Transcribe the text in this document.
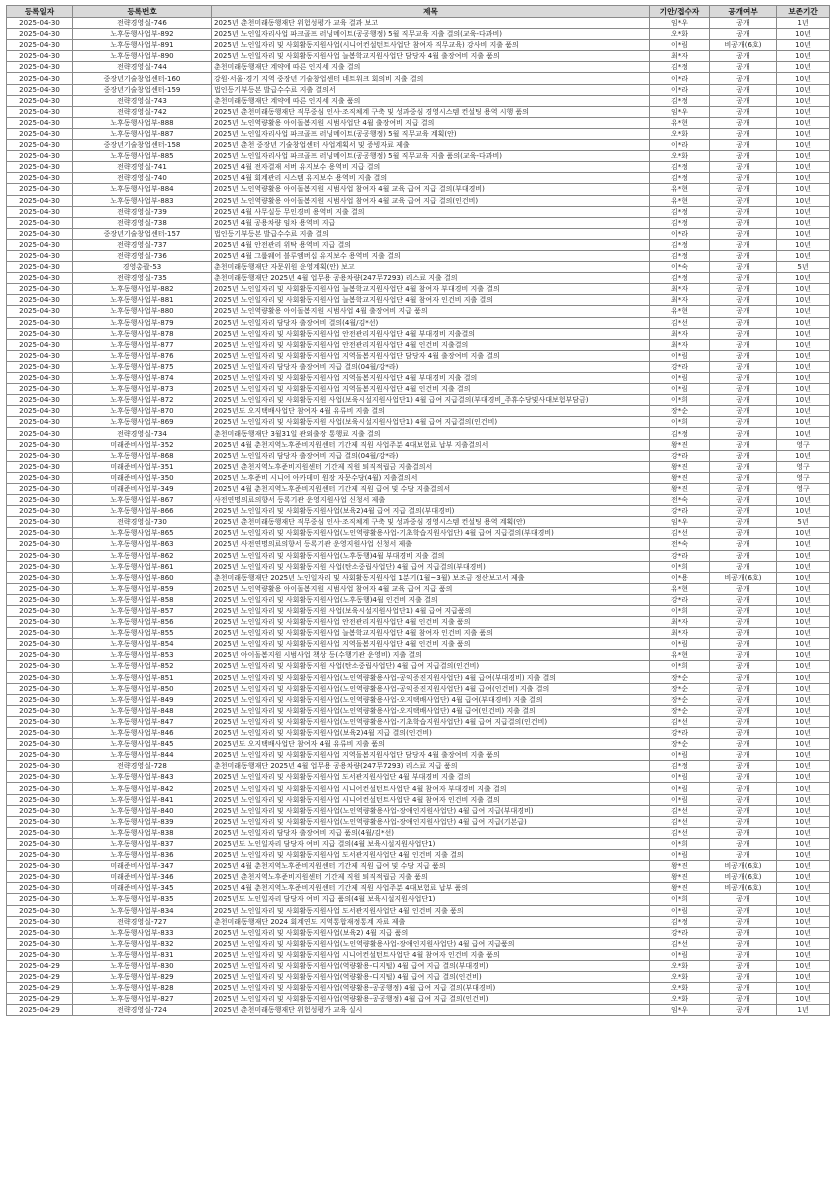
등록일자	등록번호	제목	기안/접수자	공개여부	보존기간
2025-04-30	전략경영실-746	2025년 춘천미래동행재단 위험성평가 교육 결과 보고	임*우	공개	1년
2025-04-30	노후동행사업부-892	2025년 노인일자리사업 파크골프 러닝메이트(공공행정) 5월 직무교육 지출 결의(교육-다과비)	오*화	공개	10년
2025-04-30	노후동행사업부-891	2025년 노인일자리 및 사회활동지원사업(시니어컨설턴트사업단 참여자 직무교육) 강사비 지출 품의	이*림	비공개(6호)	10년
2025-04-30	노후동행사업부-890	2025년 노인일자리 및 사회활동지원사업 늘봄학교지원사업단 담당자 4월 출장여비 지출 품의	최*자	공개	10년
2025-04-30	전략경영실-744	춘천미래동행재단 계약에 따른 인지세 지출 결의	김*정	공개	10년
2025-04-30	중장년기술창업센터-160	강원·서울·경기 지역 중장년 기술창업센터 네트워크 회의비 지출 결의	이*라	공개	10년
2025-04-30	중장년기술창업센터-159	법인등기부등본 발급수수료 지출 결의서	이*라	공개	10년
2025-04-30	전략경영실-743	춘천미래동행재단 계약에 따른 인지세 지출 품의	김*정	공개	10년
2025-04-30	전략경영실-742	2025년 춘천미래동행재단 직무중심 인사·조직체계 구축 및 성과중심 경영시스템 컨설팅 용역 시행 품의	임*우	공개	10년
2025-04-30	노후동행사업부-888	2025년 노인역량활용 아이돌봄지원 시범사업단 4월 출장여비 지급 결의	유*현	공개	10년
2025-04-30	노후동행사업부-887	2025년 노인일자리사업 파크골프 러닝메이트(공공행정) 5월 직무교육 계획(안)	오*화	공개	10년
2025-04-30	중장년기술창업센터-158	2025년 춘천 중장년 기술창업센터 사업계획서 및 증빙자료 제출	이*라	공개	10년
2025-04-30	노후동행사업부-885	2025년 노인일자리사업 파크골프 러닝메이트(공공행정) 5월 직무교육 지출 품의(교육-다과비)	오*화	공개	10년
2025-04-30	전략경영실-741	2025년 4월 전자결재 서버 유지보수 용역비 지급 결의	김*정	공개	10년
2025-04-30	전략경영실-740	2025년 4월 회계관리 시스템 유지보수 용역비 지출 결의	김*정	공개	10년
2025-04-30	노후동행사업부-884	2025년 노인역량활용 아이돌봄지원 시범사업 참여자 4월 교육 급여 지급 결의(부대경비)	유*현	공개	10년
2025-04-30	노후동행사업부-883	2025년 노인역량활용 아이돌봄지원 시범사업 참여자 4월 교육 급여 지급 결의(인건비)	유*현	공개	10년
2025-04-30	전략경영실-739	2025년 4월 사무실등 무인경비 용역비 지출 결의	김*정	공개	10년
2025-04-30	전략경영실-738	2025년 4월 공용차량 임차 용역비 지급	김*정	공개	10년
2025-04-30	중장년기술창업센터-157	법인등기부등본 발급수수료 지출 결의	이*라	공개	10년
2025-04-30	전략경영실-737	2025년 4월 안전관리 위탁 용역비 지급 결의	김*정	공개	10년
2025-04-30	전략경영실-736	2025년 4월 그룹웨어 블루엠버십 유지보수 용역비 지출 결의	김*정	공개	10년
2025-04-30	경영총괄-53	춘천미래동행재단 자문위원 운영계획(안) 보고	이*숙	공개	5년
2025-04-30	전략경영실-735	춘천미래동행재단 2025년 4월 업무용 공용차량(247무7293) 리스료 지출 결의	김*정	공개	10년
2025-04-30	노후동행사업부-882	2025년 노인일자리 및 사회활동지원사업 늘봄학교지원사업단 4월 참여자 부대경비 지출 결의	최*자	공개	10년
2025-04-30	노후동행사업부-881	2025년 노인일자리 및 사회활동지원사업 늘봄학교지원사업단 4월 참여자 인건비 지출 결의	최*자	공개	10년
2025-04-30	노후동행사업부-880	2025년 노인역량활용 아이돌봄지원 시범사업 4월 출장여비 지급 품의	유*현	공개	10년
2025-04-30	노후동행사업부-879	2025년 노인일자리 담당자 출장여비 결의(4월/김*선)	김*선	공개	10년
2025-04-30	노후동행사업부-878	2025년 노인일자리 및 사회활동지원사업 안전관리지원사업단 4월 부대경비 지출결의	최*자	공개	10년
2025-04-30	노후동행사업부-877	2025년 노인일자리 및 사회활동지원사업 안전관리지원사업단 4월 인건비 지출결의	최*자	공개	10년
2025-04-30	노후동행사업부-876	2025년 노인일자리 및 사회활동지원사업 지역돌봄지원사업단 담당자 4월 출장여비 지출 결의	이*림	공개	10년
2025-04-30	노후동행사업부-875	2025년 노인일자리 담당자 출장여비 지급 결의(04월/강*라)	강*라	공개	10년
2025-04-30	노후동행사업부-874	2025년 노인일자리 및 사회활동지원사업 지역돌봄지원사업단 4월 부대경비 지출 결의	이*림	공개	10년
2025-04-30	노후동행사업부-873	2025년 노인일자리 및 사회활동지원사업 지역돌봄지원사업단 4월 인건비 지출 결의	이*림	공개	10년
2025-04-30	노후동행사업부-872	2025년 노인일자리 및 사회활동지원 사업(보육시설지원사업단1) 4월 급여 지급결의(부대경비_주휴수당및사대보험부담금)	이*희	공개	10년
2025-04-30	노후동행사업부-870	2025년도 오지택배사업단 참여자 4월 유류비 지출 결의	장*순	공개	10년
2025-04-30	노후동행사업부-869	2025년 노인일자리 및 사회활동지원 사업(보육시설지원사업단1) 4월 급여 지급결의(인건비)	이*희	공개	10년
2025-04-30	전략경영실-734	춘천미래동행재단 3월31일 관외출장 통행료 지출 결의	김*정	공개	10년
2025-04-30	미래준비사업부-352	2025년 4월 춘천지역노후준비지원센터 기간제 직원 사업주분 4대보험료 납부 지출결의서	왕*진	공개	영구
2025-04-30	노후동행사업부-868	2025년 노인일자리 담당자 출장여비 지급 결의(04월/강*라)	강*라	공개	10년
2025-04-30	미래준비사업부-351	2025년 춘천지역노후준비지원센터 기간제 직원 퇴직적립금 지출결의서	왕*진	공개	영구
2025-04-30	미래준비사업부-350	2025년 노후준비 시니어 아카데미 원장 자문수당(4월) 지출결의서	왕*진	공개	영구
2025-04-30	미래준비사업부-349	2025년 4월 춘천지역노후준비지원센터 기간제 직원 급여 및 수당 지출결의서	왕*진	공개	영구
2025-04-30	노후동행사업부-867	사전연명의료의향서 등록기관 운영지원사업 신청서 제출	전*숙	공개	10년
2025-04-30	노후동행사업부-866	2025년 노인일자리 및 사회활동지원사업(보육2)4월 급여 지급 결의(부대경비)	강*라	공개	10년
2025-04-30	전략경영실-730	2025년 춘천미래동행재단 직무중심 인사·조직체계 구축 및 성과중심 경영시스템 컨설팅 용역 계획(안)	임*우	공개	5년
2025-04-30	노후동행사업부-865	2025년 노인일자리 및 사회활동지원사업(노인역량활용사업-기초학습지원사업단) 4월 급여 지급결의(부대경비)	김*선	공개	10년
2025-04-30	노후동행사업부-863	2025년 사전연명의료의향서 등록기관 운영지원사업 신청서 제출	전*숙	공개	10년
2025-04-30	노후동행사업부-862	2025년 노인일자리 및 사회활동지원사업(노후동행)4월 부대경비 지출 결의	강*라	공개	10년
2025-04-30	노후동행사업부-861	2025년 노인일자리 및 사회활동지원 사업(탄소중립사업단) 4월 급여 지급결의(부대경비)	이*희	공개	10년
2025-04-30	노후동행사업부-860	춘천미래동행재단 2025년 노인일자리 및 사회활동지원사업 1분기(1월~3월) 보조금 정산보고서 제출	이*용	비공개(6호)	10년
2025-04-30	노후동행사업부-859	2025년 노인역량활용 아이돌봄지원 시범사업 참여자 4월 교육 급여 지급 품의	유*현	공개	10년
2025-04-30	노후동행사업부-858	2025년 노인일자리 및 사회활동지원사업(노후동행)4월 인건비 지출 결의	강*라	공개	10년
2025-04-30	노후동행사업부-857	2025년 노인일자리 및 사회활동지원 사업(보육시설지원사업단1) 4월 급여 지급품의	이*희	공개	10년
2025-04-30	노후동행사업부-856	2025년 노인일자리 및 사회활동지원사업 안전관리지원사업단 4월 인건비 지출 품의	최*자	공개	10년
2025-04-30	노후동행사업부-855	2025년 노인일자리 및 사회활동지원사업 늘봄학교지원사업단 4월 참여자 인건비 지출 품의	최*자	공개	10년
2025-04-30	노후동행사업부-854	2025년 노인일자리 및 사회활동지원사업 지역돌봄지원사업단 4월 인건비 지출 품의	이*림	공개	10년
2025-04-30	노후동행사업부-853	2025년 아이돌봄지원 시범사업 책상 등(수행기관 운영비) 지출 결의	유*현	공개	10년
2025-04-30	노후동행사업부-852	2025년 노인일자리 및 사회활동지원 사업(탄소중립사업단) 4월 급여 지급결의(인건비)	이*희	공개	10년
2025-04-30	노후동행사업부-851	2025년 노인일자리 및 사회활동지원사업(노인역량활용사업-공익증진지원사업단) 4월 급여(부대경비) 지출 결의	장*순	공개	10년
2025-04-30	노후동행사업부-850	2025년 노인일자리 및 사회활동지원사업(노인역량활용사업-공익증진지원사업단) 4월 급여(인건비) 지출 결의	장*순	공개	10년
2025-04-30	노후동행사업부-849	2025년 노인일자리 및 사회활동지원사업(노인역량활용사업-오지택배사업단) 4월 급여(부대경비) 지출 결의	장*순	공개	10년
2025-04-30	노후동행사업부-848	2025년 노인일자리 및 사회활동지원사업(노인역량활용사업-오지택배사업단) 4월 급여(인건비) 지출 결의	장*순	공개	10년
2025-04-30	노후동행사업부-847	2025년 노인일자리 및 사회활동지원사업(노인역량활용사업-기초학습지원사업단) 4월 급여 지급결의(인건비)	김*선	공개	10년
2025-04-30	노후동행사업부-846	2025년 노인일자리 및 사회활동지원사업(보육2)4월 지급 결의(인건비)	강*라	공개	10년
2025-04-30	노후동행사업부-845	2025년도 오지택배사업단 참여자 4월 유류비 지출 품의	장*순	공개	10년
2025-04-30	노후동행사업부-844	2025년 노인일자리 및 사회활동지원사업 지역돌봄지원사업단 담당자 4월 출장여비 지출 품의	이*림	공개	10년
2025-04-30	전략경영실-728	춘천미래동행재단 2025년 4월 업무용 공용차량(247무7293) 리스료 지급 품의	김*정	공개	10년
2025-04-30	노후동행사업부-843	2025년 노인일자리 및 사회활동지원사업 도서관지원사업단 4월 부대경비 지출 결의	이*림	공개	10년
2025-04-30	노후동행사업부-842	2025년 노인일자리 및 사회활동지원사업 시니어컨설턴트사업단 4월 참여자 부대경비 지출 결의	이*림	공개	10년
2025-04-30	노후동행사업부-841	2025년 노인일자리 및 사회활동지원사업 시니어컨설턴트사업단 4월 참여자 인건비 지출 결의	이*림	공개	10년
2025-04-30	노후동행사업부-840	2025년 노인일자리 및 사회활동지원사업(노인역량활용사업-장애인지원사업단) 4월 급여 지급(부대경비)	김*선	공개	10년
2025-04-30	노후동행사업부-839	2025년 노인일자리 및 사회활동지원사업(노인역량활용사업-장애인지원사업단) 4월 급여 지급(기본급)	김*선	공개	10년
2025-04-30	노후동행사업부-838	2025년 노인일자리 담당자 출장여비 지급 품의(4월/김*선)	김*선	공개	10년
2025-04-30	노후동행사업부-837	2025년도 노인일자리 담당자 여비 지급 결의(4월 보육시설지원사업단1)	이*희	공개	10년
2025-04-30	노후동행사업부-836	2025년 노인일자리 및 사회활동지원사업 도서관지원사업단 4월 인건비 지출 결의	이*림	공개	10년
2025-04-30	미래준비사업부-347	2025년 4월 춘천지역노후준비지원센터 기간제 직원 급여 및 수당 지급 품의	왕*진	비공개(6호)	10년
2025-04-30	미래준비사업부-346	2025년 춘천지역노후준비지원센터 기간제 직원 퇴직적립금 지출 품의	왕*진	비공개(6호)	10년
2025-04-30	미래준비사업부-345	2025년 4월 춘천지역노후준비지원센터 기간제 직원 사업주분 4대보험료 납부 품의	왕*진	비공개(6호)	10년
2025-04-30	노후동행사업부-835	2025년도 노인일자리 담당자 여비 지급 품의(4월 보육시설지원사업단1)	이*희	공개	10년
2025-04-30	노후동행사업부-834	2025년 노인일자리 및 사회활동지원사업 도서관지원사업단 4월 인건비 지출 품의	이*림	공개	10년
2025-04-30	전략경영실-727	춘천미래동행재단 2024 회계연도 지역통합재정통계 자료 제출	김*정	공개	10년
2025-04-30	노후동행사업부-833	2025년 노인일자리 및 사회활동지원사업(보육2) 4월 지급 품의	강*라	공개	10년
2025-04-30	노후동행사업부-832	2025년 노인일자리 및 사회활동지원사업(노인역량활용사업-장애인지원사업단) 4월 급여 지급품의	김*선	공개	10년
2025-04-30	노후동행사업부-831	2025년 노인일자리 및 사회활동지원사업 시니어컨설턴트사업단 4월 참여자 인건비 지출 품의	이*림	공개	10년
2025-04-29	노후동행사업부-830	2025년 노인일자리 및 사회활동지원사업(역량활용-디지털) 4월 급여 지급 결의(부대경비)	오*화	공개	10년
2025-04-29	노후동행사업부-829	2025년 노인일자리 및 사회활동지원사업(역량활용-디지털) 4월 급여 지급 결의(인건비)	오*화	공개	10년
2025-04-29	노후동행사업부-828	2025년 노인일자리 및 사회활동지원사업(역량활용-공공행정) 4월 급여 지급 결의(부대경비)	오*화	공개	10년
2025-04-29	노후동행사업부-827	2025년 노인일자리 및 사회활동지원사업(역량활용-공공행정) 4월 급여 지급 결의(인건비)	오*화	공개	10년
2025-04-29	전략경영실-724	2025년 춘천미래동행재단 위험성평가 교육 실시	임*우	공개	1년
